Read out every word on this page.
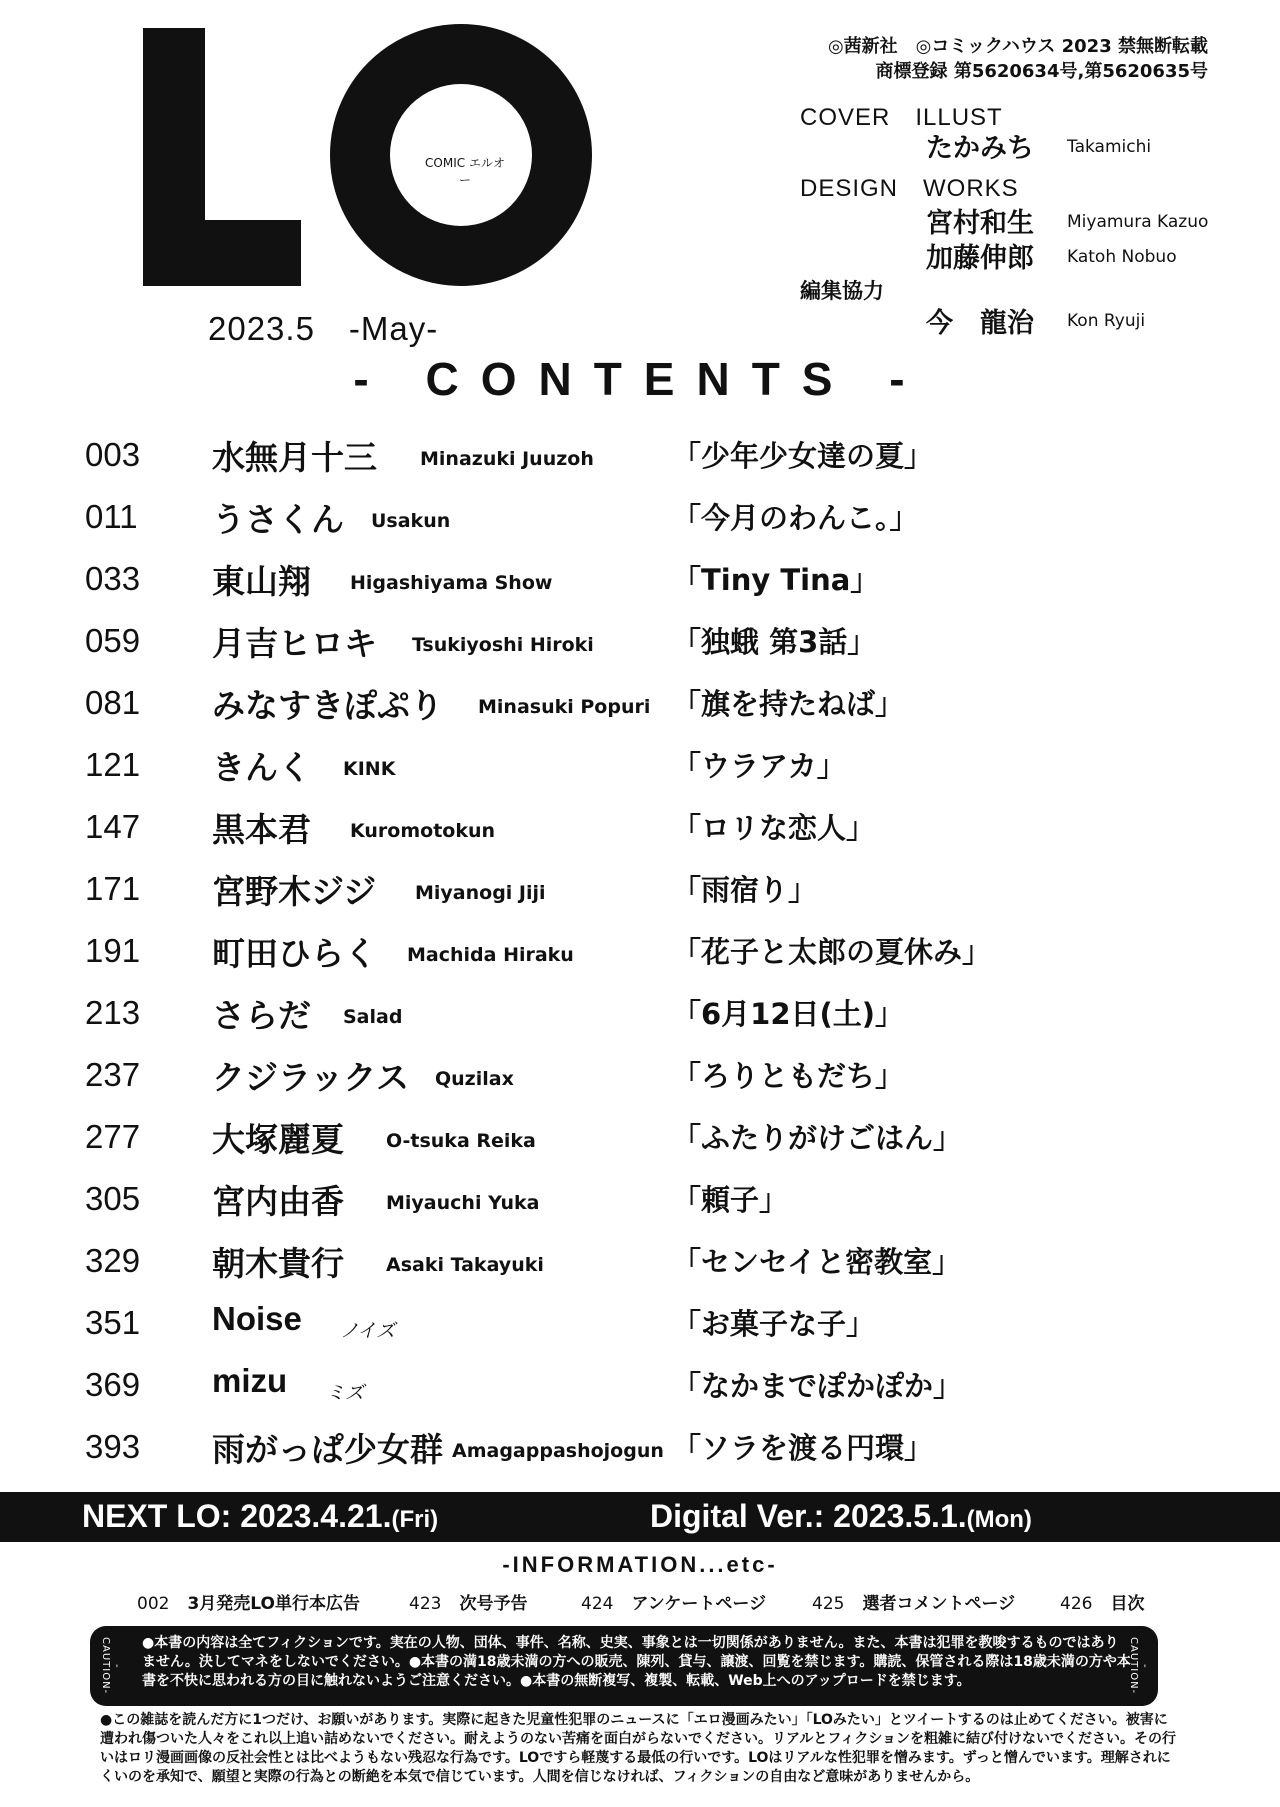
COMIC エルオー
2023.5　-May-
◎茜新社　◎コミックハウス 2023 禁無断転載
商標登録 第5620634号,第5620635号
COVER　ILLUST
たかみち Takamichi
DESIGN　WORKS
宮村和生 Miyamura Kazuo
加藤伸郎 Katoh Nobuo
編集協力
今　龍治 Kon Ryuji
- CONTENTS -
003 水無月十三 Minazuki Juuzoh	「少年少女達の夏」
011 うさくん Usakun	「今月のわんこ。」
033 東山翔 Higashiyama Show	「Tiny Tina」
059 月吉ヒロキ Tsukiyoshi Hiroki	「独蛾 第3話」
081 みなすきぽぷり Minasuki Popuri 「旗を持たねば」
121 きんく KINK	「ウラアカ」
147 黒本君 Kuromotokun	「ロリな恋人」
171 宮野木ジジ Miyanogi Jiji	「雨宿り」
191 町田ひらく Machida Hiraku	「花子と太郎の夏休み」
213 さらだ Salad	「6月12日(土)」
237 クジラックス Quzilax	「ろりともだち」
277 大塚麗夏 O-tsuka Reika	「ふたりがけごはん」
305 宮内由香 Miyauchi Yuka	「頼子」
329 朝木貴行 Asaki Takayuki	「センセイと密教室」
351 Noise ノイズ	「お菓子な子」
369 mizu ミズ	「なかまでぽかぽか」
393 雨がっぱ少女群 Amagappashojogun 「ソラを渡る円環」
NEXT LO: 2023.4.21.(Fri)	Digital Ver.: 2023.5.1.(Mon)
-INFORMATION...etc-
002 3月発売LO単行本広告	423 次号予告	424 アンケートページ	425 選者コメントページ	426 目次
-CAUTION-	●本書の内容は全てフィクションです。実在の人物、団体、事件、名称、史実、事象とは一切関係がありません。また、本書は犯罪を教唆するものではありません。決してマネをしないでください。●本書の満18歳未満の方への販売、陳列、貸与、譲渡、回覧を禁じます。購読、保管される際は18歳未満の方や本書を不快に思われる方の目に触れないようご注意ください。●本書の無断複写、複製、転載、Web上へのアップロードを禁じます。
-CAUTION-
●この雑誌を読んだ方に1つだけ、お願いがあります。実際に起きた児童性犯罪のニュースに「エロ漫画みたい」「LOみたい」とツイートするのは止めてください。被害に遭われ傷ついた人々をこれ以上追い詰めないでください。耐えようのない苦痛を面白がらないでください。リアルとフィクションを粗雑に結び付けないでください。その行いはロリ漫画画像の反社会性とは比べようもない残忍な行為です。LOですら軽蔑する最低の行いです。LOはリアルな性犯罪を憎みます。ずっと憎んでいます。理解されにくいのを承知で、願望と実際の行為との断絶を本気で信じています。人間を信じなければ、フィクションの自由など意味がありませんから。
